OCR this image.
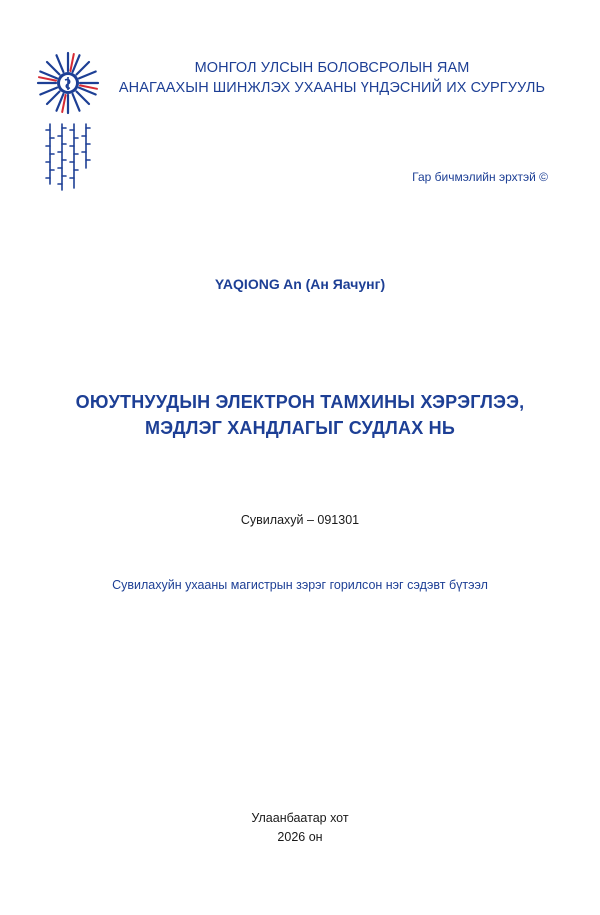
МОНГОЛ УЛСЫН БОЛОВСРОЛЫН ЯАМ
АНАГААХЫН ШИНЖЛЭХ УХААНЫ ҮНДЭСНИЙ ИХ СУРГУУЛЬ
Гар бичмэлийн эрхтэй ©
YAQIONG An (Ан Яачунг)
ОЮУТНУУДЫН ЭЛЕКТРОН ТАМХИНЫ ХЭРЭГЛЭЭ,
МЭДЛЭГ ХАНДЛАГЫГ СУДЛАХ НЬ
Сувилахуй – 091301
Сувилахуйн ухааны магистрын зэрэг горилсон нэг сэдэвт бүтээл
Улаанбаатар хот
2026 он
